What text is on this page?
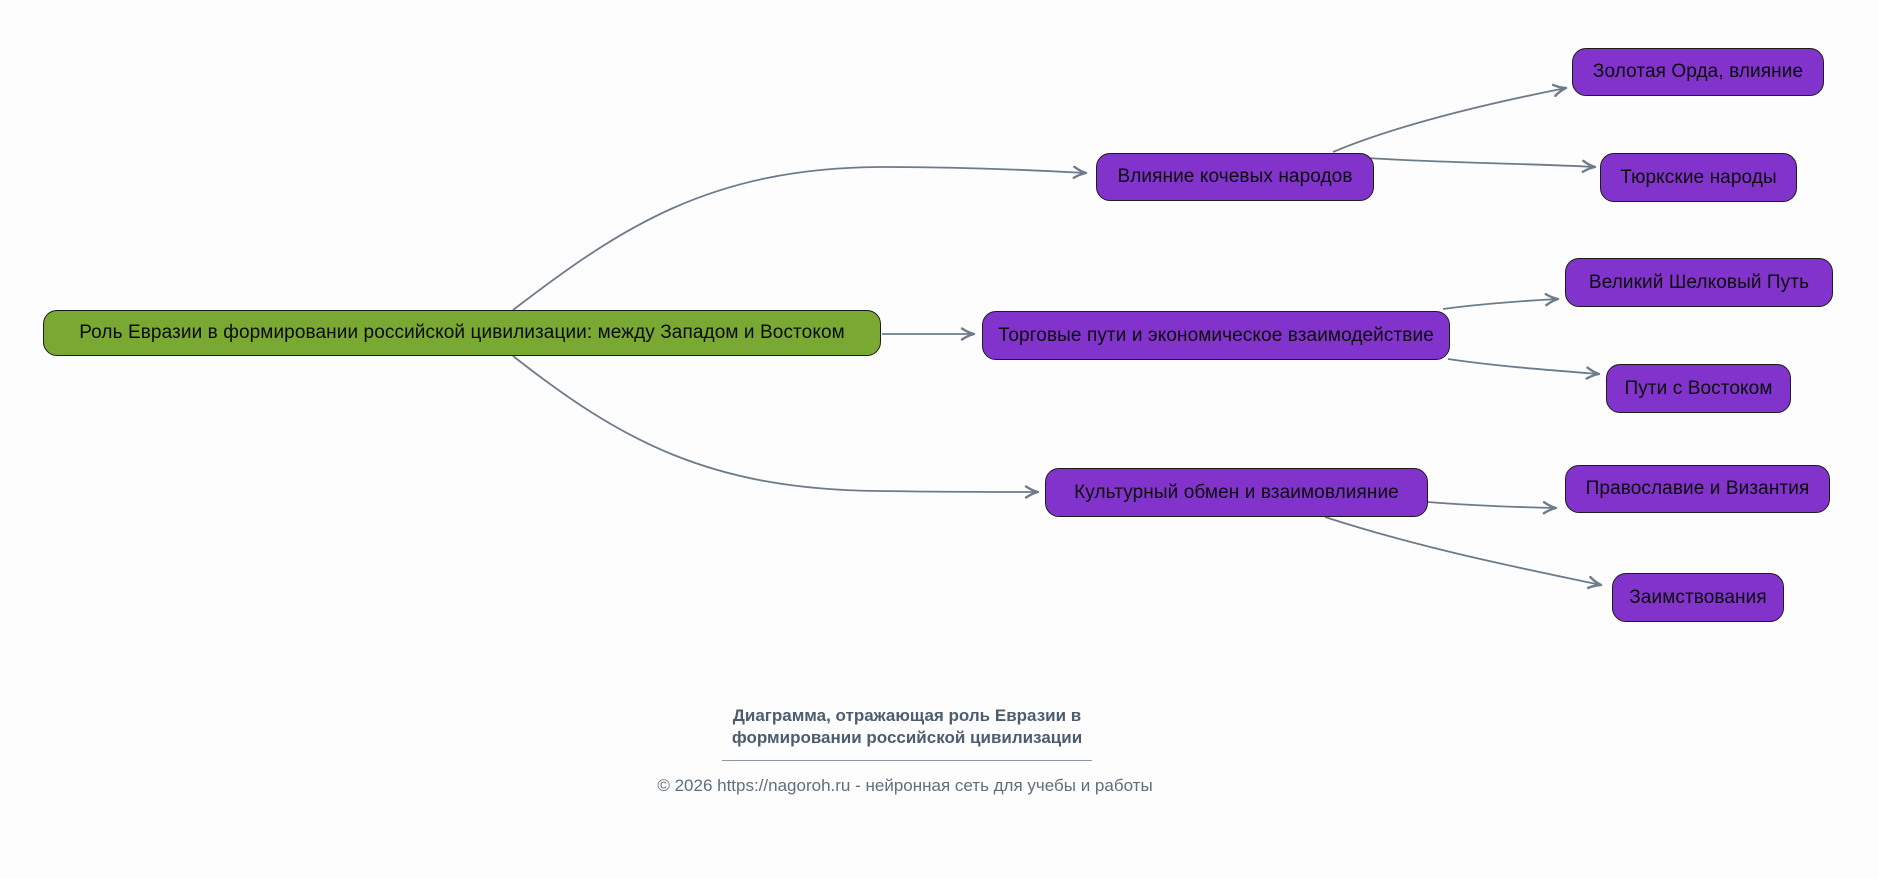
Роль Евразии в формировании российской цивилизации: между Западом и Востоком
Влияние кочевых народов
Торговые пути и экономическое взаимодействие
Культурный обмен и взаимовлияние
Золотая Орда, влияние
Тюркские народы
Великий Шелковый Путь
Пути с Востоком
Православие и Византия
Заимствования
Диаграмма, отражающая роль Евразии в формировании российской цивилизации
© 2026 https://nagoroh.ru - нейронная сеть для учебы и работы
